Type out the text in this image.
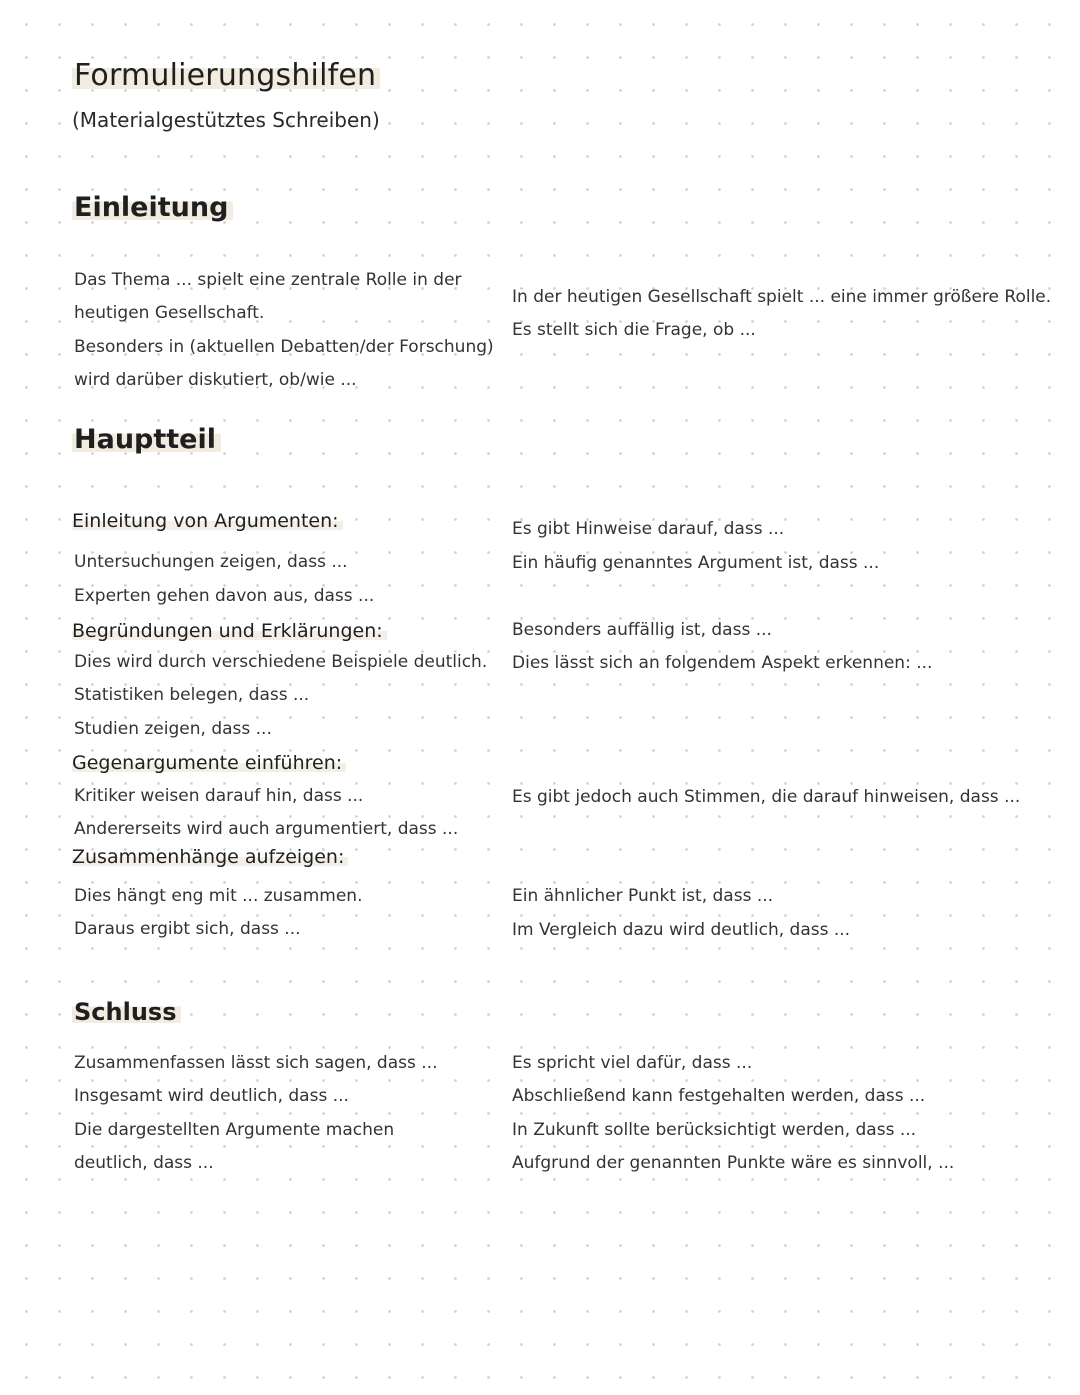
Formulierungshilfen

(Materialgestütztes Schreiben)

Einleitung

Das Thema ... spielt eine zentrale Rolle in der

heutigen Gesellschaft.

Besonders in (aktuellen Debatten/der Forschung)

wird darüber diskutiert, ob/wie ...

In der heutigen Gesellschaft spielt ... eine immer größere Rolle.

Es stellt sich die Frage, ob ...

Hauptteil

Einleitung von Argumenten:

Untersuchungen zeigen, dass ...

Experten gehen davon aus, dass ...

Es gibt Hinweise darauf, dass ...

Ein häufig genanntes Argument ist, dass ...

Begründungen und Erklärungen:

Dies wird durch verschiedene Beispiele deutlich.

Statistiken belegen, dass ...

Studien zeigen, dass ...

Besonders auffällig ist, dass ...

Dies lässt sich an folgendem Aspekt erkennen: ...

Gegenargumente einführen:

Kritiker weisen darauf hin, dass ...

Andererseits wird auch argumentiert, dass ...

Es gibt jedoch auch Stimmen, die darauf hinweisen, dass ...

Zusammenhänge aufzeigen:

Dies hängt eng mit ... zusammen.

Daraus ergibt sich, dass ...

Ein ähnlicher Punkt ist, dass ...

Im Vergleich dazu wird deutlich, dass ...

Schluss

Zusammenfassen lässt sich sagen, dass ...

Insgesamt wird deutlich, dass ...

Die dargestellten Argumente machen

deutlich, dass ...

Es spricht viel dafür, dass ...

Abschließend kann festgehalten werden, dass ...

In Zukunft sollte berücksichtigt werden, dass ...

Aufgrund der genannten Punkte wäre es sinnvoll, ...
